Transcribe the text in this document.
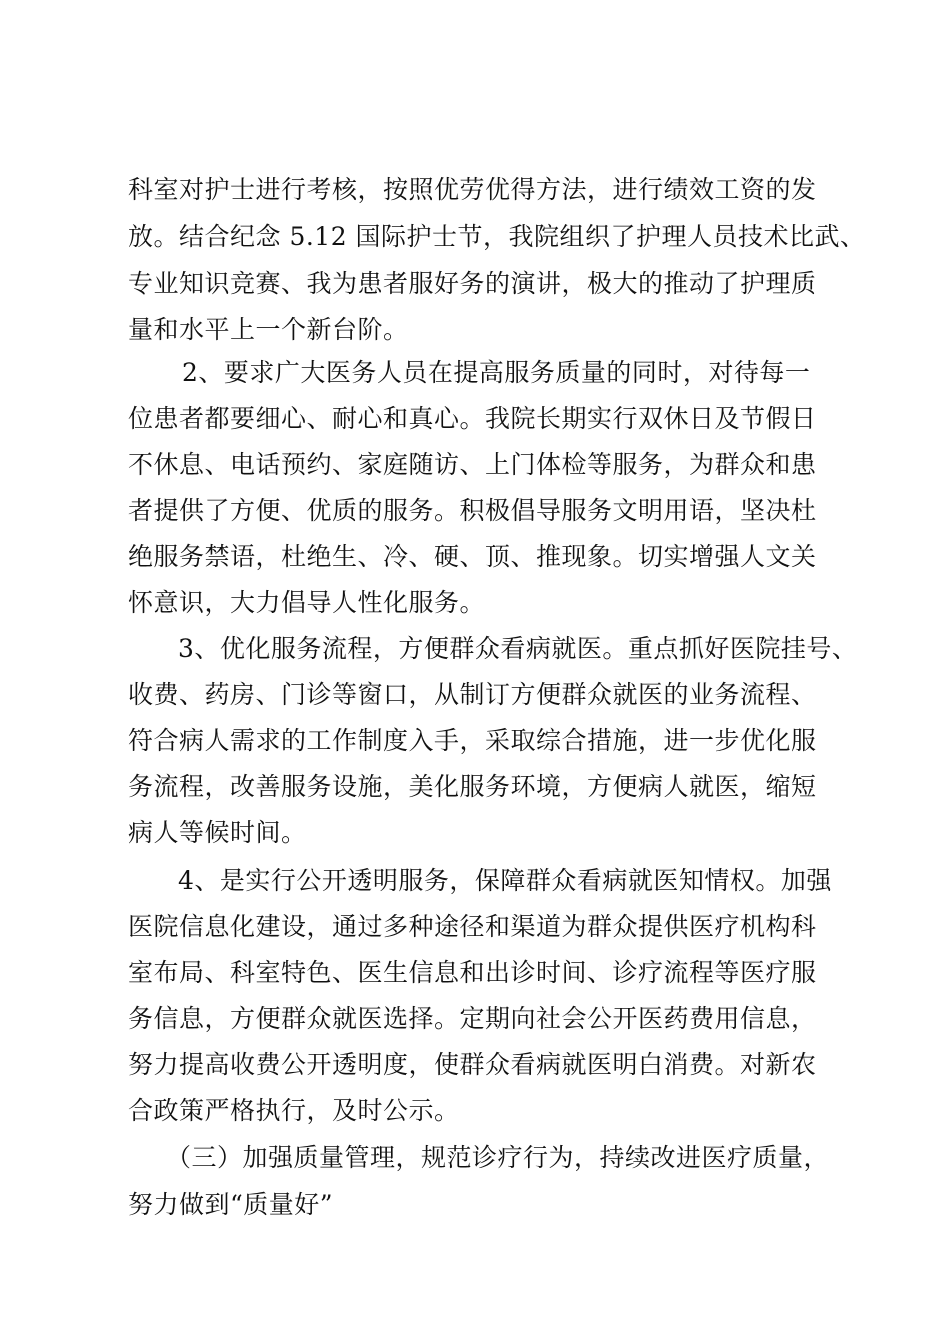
科室对护士进行考核，按照优劳优得方法，进行绩效工资的发
放。结合纪念 5.12 国际护士节，我院组织了护理人员技术比武、
专业知识竞赛、我为患者服好务的演讲，极大的推动了护理质
量和水平上一个新台阶。
2、要求广大医务人员在提高服务质量的同时，对待每一
位患者都要细心、耐心和真心。我院长期实行双休日及节假日
不休息、电话预约、家庭随访、上门体检等服务，为群众和患
者提供了方便、优质的服务。积极倡导服务文明用语，坚决杜
绝服务禁语，杜绝生、冷、硬、顶、推现象。切实增强人文关
怀意识，大力倡导人性化服务。
3、优化服务流程，方便群众看病就医。重点抓好医院挂号、
收费、药房、门诊等窗口，从制订方便群众就医的业务流程、
符合病人需求的工作制度入手，采取综合措施，进一步优化服
务流程，改善服务设施，美化服务环境，方便病人就医，缩短
病人等候时间。
4、是实行公开透明服务，保障群众看病就医知情权。加强
医院信息化建设，通过多种途径和渠道为群众提供医疗机构科
室布局、科室特色、医生信息和出诊时间、诊疗流程等医疗服
务信息，方便群众就医选择。定期向社会公开医药费用信息，
努力提高收费公开透明度，使群众看病就医明白消费。对新农
合政策严格执行，及时公示。
（三）加强质量管理，规范诊疗行为，持续改进医疗质量，
努力做到“质量好”
